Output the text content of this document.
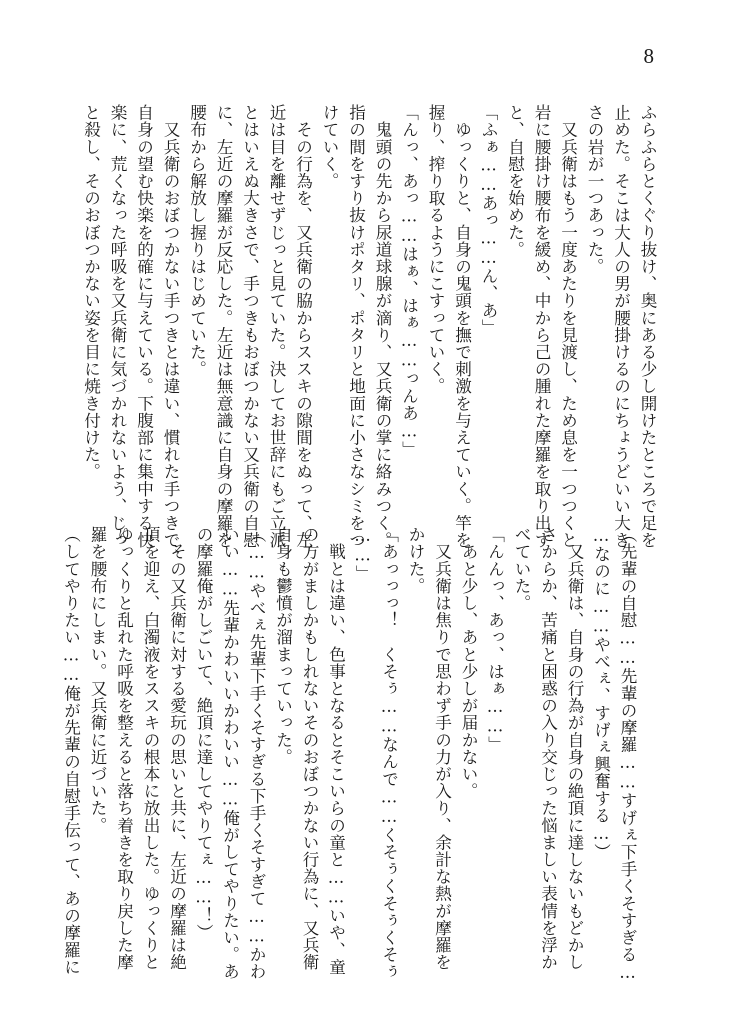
8

ふらふらとくぐり抜け、奥にある少し開けたところで足を

止めた。そこは大人の男が腰掛けるのにちょうどいい大き

さの岩が一つあった。

　又兵衛はもう一度あたりを見渡し、ため息を一つつくと

岩に腰掛け腰布を緩め、中から己の腫れた摩羅を取り出す

と、自慰を始めた。

「ふぁ……あっ……ん、あ」

　ゆっくりと、自身の鬼頭を撫で刺激を与えていく。竿を

握り、搾り取るようにこすっていく。

「んっ、あっ……はぁ、はぁ……っんあ…」

　鬼頭の先から尿道球腺が滴り、又兵衛の掌に絡みつく。

指の間をすり抜けポタリ、ポタリと地面に小さなシミをつ

けていく。

　その行為を、又兵衛の脇からススキの隙間をぬって、左

近は目を離せずじっと見ていた。決してお世辞にもご立派

とはいえぬ大きさで、手つきもおぼつかない又兵衛の自慰

に、左近の摩羅が反応した。左近は無意識に自身の摩羅を

腰布から解放し握りはじめていた。

　又兵衛のおぼつかない手つきとは違い、慣れた手つきで、

自身の望む快楽を的確に与えている。下腹部に集中する快

楽に、荒くなった呼吸を又兵衛に気づかれないよう、じっ

と殺し、そのおぼつかない姿を目に焼き付けた。

（先輩の自慰……先輩の摩羅……すげぇ下手くそすぎる…

…なのに……やべぇ、すげぇ興奮する…）

　又兵衛は、自身の行為が自身の絶頂に達しないもどかし

さからか、苦痛と困惑の入り交じった悩ましい表情を浮か

べていた。

「んんっ、あっ、はぁ……」

　あと少し、あと少しが届かない。

　又兵衛は焦りで思わず手の力が入り、余計な熱が摩羅を

かけた。

「あっっっ！　くそぅ……なんで……くそぅくそぅくそぅ

……」

　戦とは違い、色事となるとそこいらの童と……いや、童

の方がましかもしれないそのおぼつかない行為に、又兵衛

自身も鬱憤が溜まっていった。

（……やべぇ先輩下手くそすぎる下手くそすぎて……かわ

いい……先輩かわいいかわいい……俺がしてやりたい。あ

の摩羅俺がしごいて、絶頂に達してやりてぇ……！）

　その又兵衛に対する愛玩の思いと共に、左近の摩羅は絶

頂を迎え、白濁液をススキの根本に放出した。ゆっくりと

ゆっくりと乱れた呼吸を整えると落ち着きを取り戻した摩

羅を腰布にしまい。又兵衛に近づいた。

（してやりたい……俺が先輩の自慰手伝って、あの摩羅に
